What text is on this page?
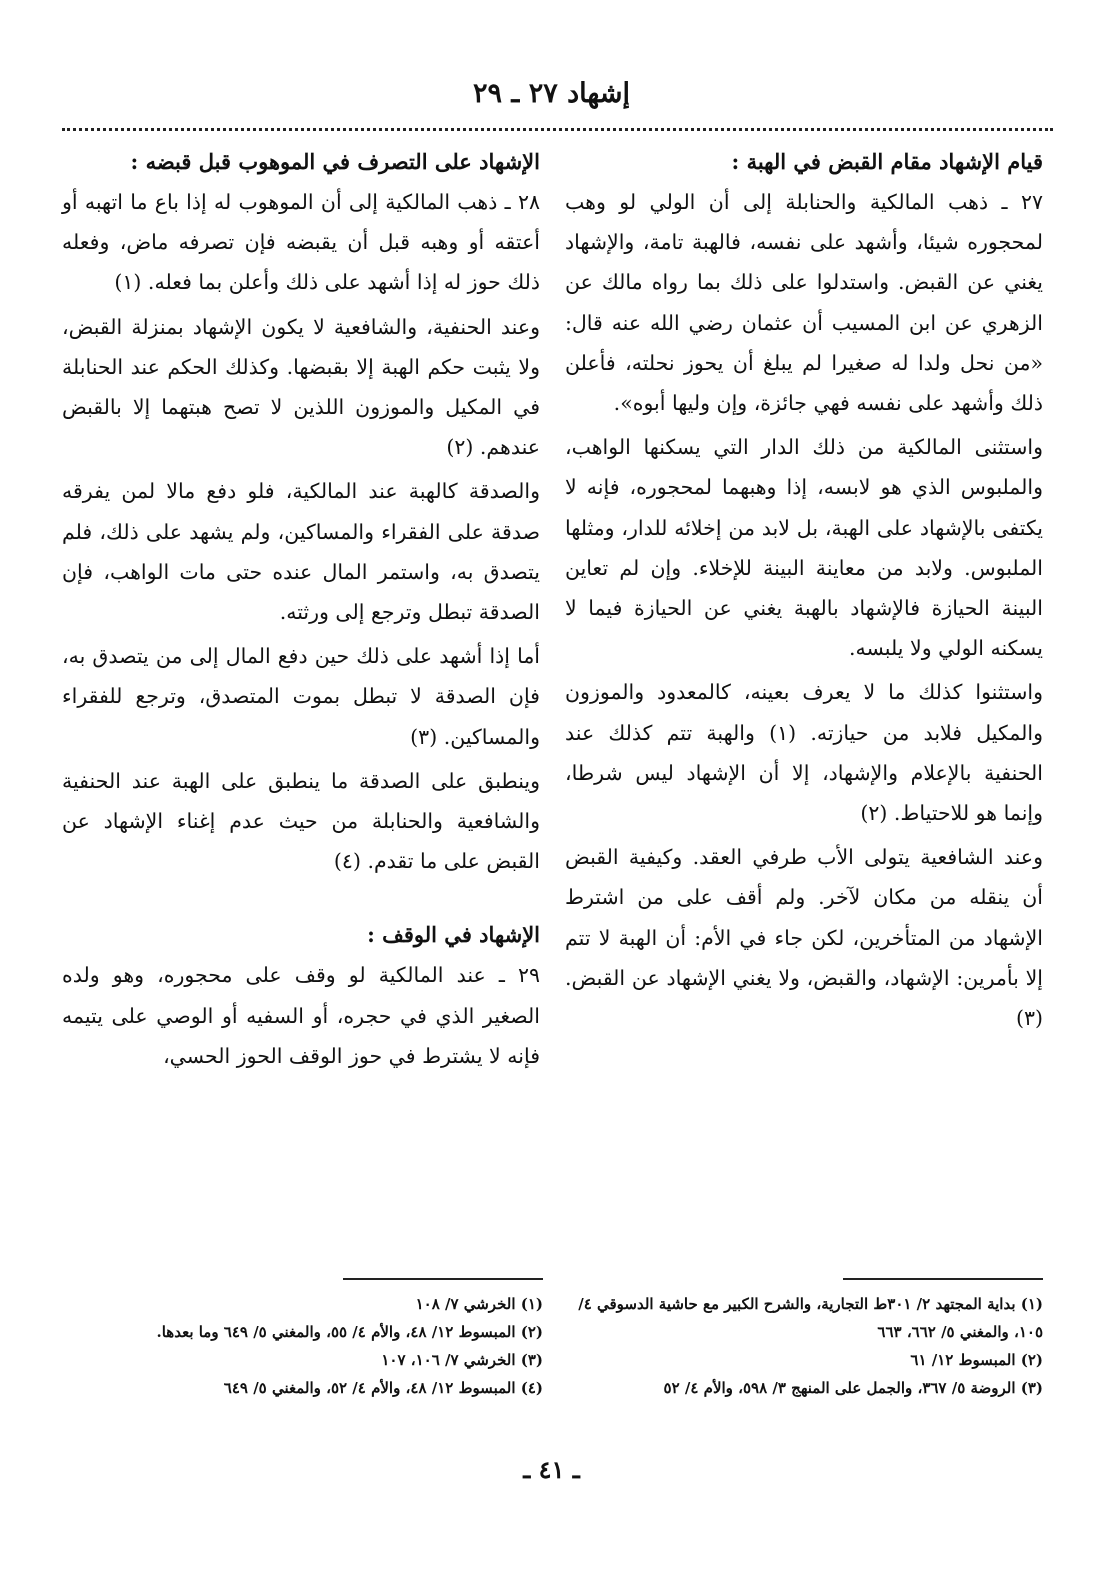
إشهاد ٢٧ ـ ٢٩
قيام الإشهاد مقام القبض في الهبة :

٢٧ ـ ذهب المالكية والحنابلة إلى أن الولي لو وهب لمحجوره شيئا، وأشهد على نفسه، فالهبة تامة، والإشهاد يغني عن القبض. واستدلوا على ذلك بما رواه مالك عن الزهري عن ابن المسيب أن عثمان رضي الله عنه قال: «من نحل ولدا له صغيرا لم يبلغ أن يحوز نحلته، فأعلن ذلك وأشهد على نفسه فهي جائزة، وإن وليها أبوه».

واستثنى المالكية من ذلك الدار التي يسكنها الواهب، والملبوس الذي هو لابسه، إذا وهبهما لمحجوره، فإنه لا يكتفى بالإشهاد على الهبة، بل لابد من إخلائه للدار، ومثلها الملبوس. ولابد من معاينة البينة للإخلاء. وإن لم تعاين البينة الحيازة فالإشهاد بالهبة يغني عن الحيازة فيما لا يسكنه الولي ولا يلبسه.

واستثنوا كذلك ما لا يعرف بعينه، كالمعدود والموزون والمكيل فلابد من حيازته. (١) والهبة تتم كذلك عند الحنفية بالإعلام والإشهاد، إلا أن الإشهاد ليس شرطا، وإنما هو للاحتياط. (٢)

وعند الشافعية يتولى الأب طرفي العقد. وكيفية القبض أن ينقله من مكان لآخر. ولم أقف على من اشترط الإشهاد من المتأخرين، لكن جاء في الأم: أن الهبة لا تتم إلا بأمرين: الإشهاد، والقبض، ولا يغني الإشهاد عن القبض. (٣)

الإشهاد على التصرف في الموهوب قبل قبضه :

٢٨ ـ ذهب المالكية إلى أن الموهوب له إذا باع ما اتهبه أو أعتقه أو وهبه قبل أن يقبضه فإن تصرفه ماض، وفعله ذلك حوز له إذا أشهد على ذلك وأعلن بما فعله. (١)

وعند الحنفية، والشافعية لا يكون الإشهاد بمنزلة القبض، ولا يثبت حكم الهبة إلا بقبضها. وكذلك الحكم عند الحنابلة في المكيل والموزون اللذين لا تصح هبتهما إلا بالقبض عندهم. (٢)

والصدقة كالهبة عند المالكية، فلو دفع مالا لمن يفرقه صدقة على الفقراء والمساكين، ولم يشهد على ذلك، فلم يتصدق به، واستمر المال عنده حتى مات الواهب، فإن الصدقة تبطل وترجع إلى ورثته.

أما إذا أشهد على ذلك حين دفع المال إلى من يتصدق به، فإن الصدقة لا تبطل بموت المتصدق، وترجع للفقراء والمساكين. (٣)

وينطبق على الصدقة ما ينطبق على الهبة عند الحنفية والشافعية والحنابلة من حيث عدم إغناء الإشهاد عن القبض على ما تقدم. (٤)

الإشهاد في الوقف :

٢٩ ـ عند المالكية لو وقف على محجوره، وهو ولده الصغير الذي في حجره، أو السفيه أو الوصي على يتيمه فإنه لا يشترط في حوز الوقف الحوز الحسي،

(١) بداية المجتهد ٢/ ٣٠١ط التجارية، والشرح الكبير مع حاشية الدسوقي ٤/ ١٠٥، والمغني ٥/ ٦٦٢، ٦٦٣
(٢) المبسوط ١٢/ ٦١
(٣) الروضة ٥/ ٣٦٧، والجمل على المنهج ٣/ ٥٩٨، والأم ٤/ ٥٢
(١) الخرشي ٧/ ١٠٨
(٢) المبسوط ١٢/ ٤٨، والأم ٤/ ٥٥، والمغني ٥/ ٦٤٩ وما بعدها.
(٣) الخرشي ٧/ ١٠٦، ١٠٧
(٤) المبسوط ١٢/ ٤٨، والأم ٤/ ٥٢، والمغني ٥/ ٦٤٩
ـ ٤١ ـ
